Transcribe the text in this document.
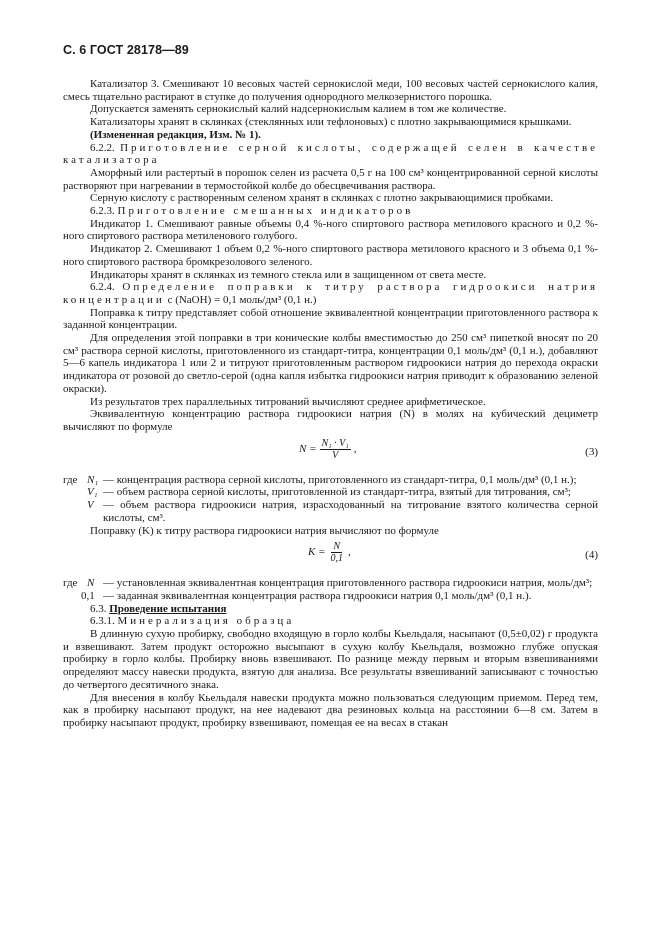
С. 6 ГОСТ 28178—89

Катализатор 3. Смешивают 10 весовых частей сернокислой меди, 100 весовых частей сернокислого калия, смесь тщательно растирают в ступке до получения однородного мелкозернистого порошка.

Допускается заменять сернокислый калий надсернокислым калием в том же количестве.

Катализаторы хранят в склянках (стеклянных или тефлоновых) с плотно закрывающимися крышками.

(Измененная редакция, Изм. № 1).

6.2.2. Приготовление серной кислоты, содержащей селен в качестве катализатора

Аморфный или растертый в порошок селен из расчета 0,5 г на 100 см³ концентрированной серной кислоты растворяют при нагревании в термостойкой колбе до обесцвечивания раствора.

Серную кислоту с растворенным селеном хранят в склянках с плотно закрывающимися пробками.

6.2.3. Приготовление смешанных индикаторов

Индикатор 1. Смешивают равные объемы 0,4 %-ного спиртового раствора метилового красного и 0,2 %-ного спиртового раствора метиленового голубого.

Индикатор 2. Смешивают 1 объем 0,2 %-ного спиртового раствора метилового красного и 3 объема 0,1 %-ного спиртового раствора бромкрезолового зеленого.

Индикаторы хранят в склянках из темного стекла или в защищенном от света месте.

6.2.4. Определение поправки к титру раствора гидроокиси натрия концентрации c (NaOH) = 0,1 моль/дм³ (0,1 н.)

Поправка к титру представляет собой отношение эквивалентной концентрации приготовленного раствора к заданной концентрации.

Для определения этой поправки в три конические колбы вместимостью до 250 см³ пипеткой вносят по 20 см³ раствора серной кислоты, приготовленного из стандарт-титра, концентрации 0,1 моль/дм³ (0,1 н.), добавляют 5—6 капель индикатора 1 или 2 и титруют приготовленным раствором гидроокиси натрия до перехода окраски индикатора от розовой до светло-серой (одна капля избытка гидроокиси натрия приводит к образованию зеленой окраски).

Из результатов трех параллельных титрований вычисляют среднее арифметическое.

Эквивалентную концентрацию раствора гидроокиси натрия (N) в молях на кубический дециметр вычисляют по формуле

$N = \frac{\text{N₁ · V₁}}{V}$ ,	(3)
где N₁ — концентрация раствора серной кислоты, приготовленного из стандарт-титра, 0,1 моль/дм³ (0,1 н.);
V₁ — объем раствора серной кислоты, приготовленной из стандарт-титра, взятый для титрования, см³;
V — объем раствора гидроокиси натрия, израсходованный на титрование взятого количества серной кислоты, см³.

Поправку (K) к титру раствора гидроокиси натрия вычисляют по формуле

$K = \frac{N}{0,1}$ ,	(4)
где N — установленная эквивалентная концентрация приготовленного раствора гидроокиси натрия, моль/дм³;
0,1 — заданная эквивалентная концентрация раствора гидроокиси натрия 0,1 моль/дм³ (0,1 н.).

6.3. Проведение испытания

6.3.1. Минерализация образца

В длинную сухую пробирку, свободно входящую в горло колбы Кьельдаля, насыпают (0,5±0,02) г продукта и взвешивают. Затем продукт осторожно высыпают в сухую колбу Кьельдаля, возможно глубже опуская пробирку в горло колбы. Пробирку вновь взвешивают. По разнице между первым и вторым взвешиваниями определяют массу навески продукта, взятую для анализа. Все результаты взвешиваний записывают с точностью до четвертого десятичного знака.

Для внесения в колбу Кьельдаля навески продукта можно пользоваться следующим приемом. Перед тем, как в пробирку насыпают продукт, на нее надевают два резиновых кольца на расстоянии 6—8 см. Затем в пробирку насыпают продукт, пробирку взвешивают, помещая ее на весах в стакан
